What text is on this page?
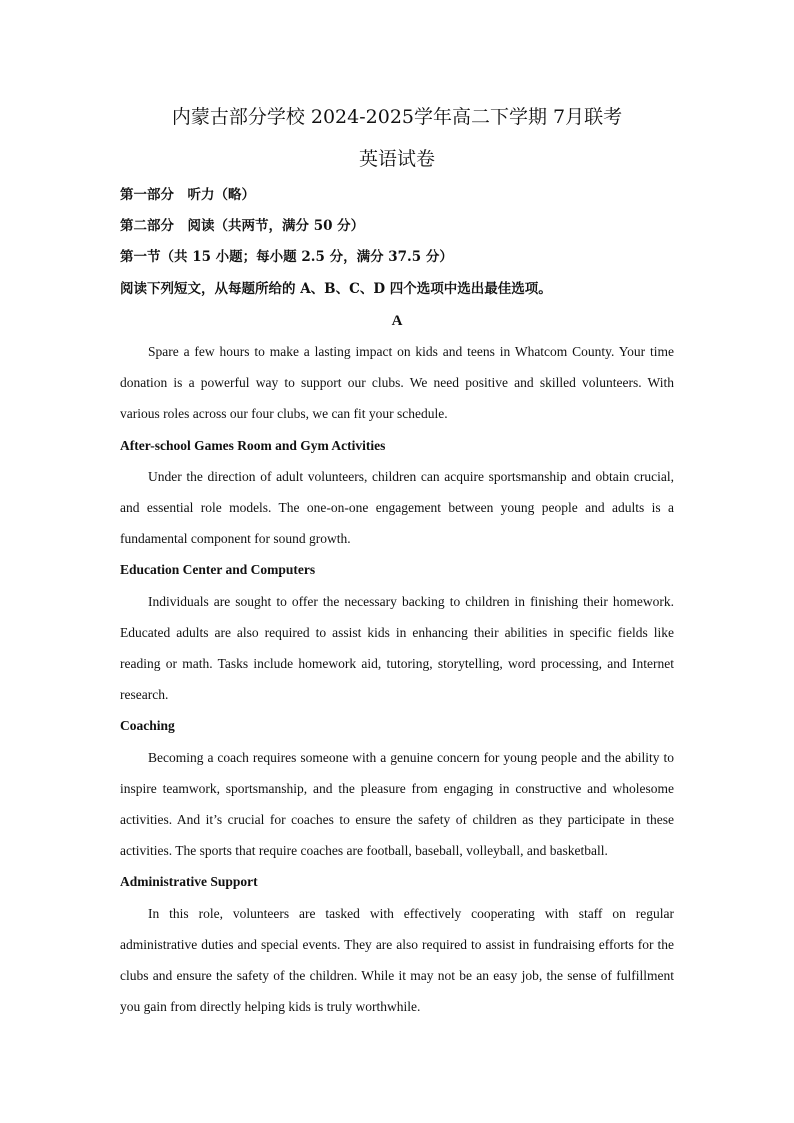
内蒙古部分学校 2024-2025学年高二下学期 7月联考
英语试卷
第一部分　听力（略）
第二部分　阅读（共两节，满分 50 分）
第一节（共 15 小题；每小题 2.5 分，满分 37.5 分）
阅读下列短文，从每题所给的 A、B、C、D 四个选项中选出最佳选项。
A

Spare a few hours to make a lasting impact on kids and teens in Whatcom County. Your time donation is a powerful way to support our clubs. We need positive and skilled volunteers. With various roles across our four clubs, we can fit your schedule.

After-school Games Room and Gym Activities

Under the direction of adult volunteers, children can acquire sportsmanship and obtain crucial, and essential role models. The one-on-one engagement between young people and adults is a fundamental component for sound growth.

Education Center and Computers

Individuals are sought to offer the necessary backing to children in finishing their homework. Educated adults are also required to assist kids in enhancing their abilities in specific fields like reading or math. Tasks include homework aid, tutoring, storytelling, word processing, and Internet research.

Coaching

Becoming a coach requires someone with a genuine concern for young people and the ability to inspire teamwork, sportsmanship, and the pleasure from engaging in constructive and wholesome activities. And it’s crucial for coaches to ensure the safety of children as they participate in these activities. The sports that require coaches are football, baseball, volleyball, and basketball.

Administrative Support

In this role, volunteers are tasked with effectively cooperating with staff on regular administrative duties and special events. They are also required to assist in fundraising efforts for the clubs and ensure the safety of the children. While it may not be an easy job, the sense of fulfillment you gain from directly helping kids is truly worthwhile.
